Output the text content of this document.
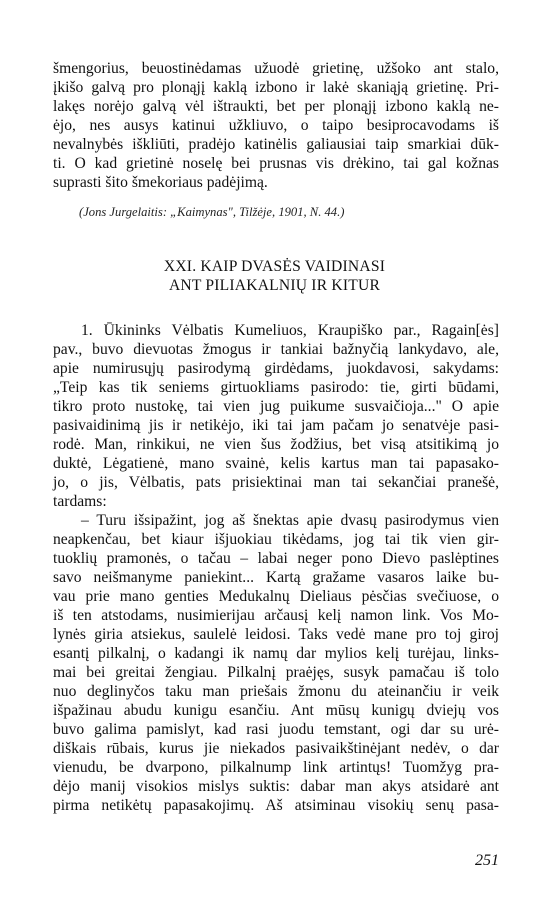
šmengorius, beuostinėdamas užuodė grietinę, užšoko ant stalo,
įkišo galvą pro plonąjį kaklą izbono ir lakė skaniąją grietinę. Pri-
lakęs norėjo galvą vėl ištraukti, bet per plonąjį izbono kaklą ne-
ėjo, nes ausys katinui užkliuvo, o taipo besiprocavodams iš
nevalnybės iškliūti, pradėjo katinėlis galiausiai taip smarkiai dūk-
ti. O kad grietinė noselę bei prusnas vis drėkino, tai gal kožnas
suprasti šito šmekoriaus padėjimą.
(Jons Jurgelaitis: „Kaimynas", Tilžėje, 1901, N. 44.)
XXI. KAIP DVASĖS VAIDINASI
ANT PILIAKALNIŲ IR KITUR
1. Ūkininks Vėlbatis Kumeliuos, Kraupiško par., Ragain[ės]
pav., buvo dievuotas žmogus ir tankiai bažnyčią lankydavo, ale,
apie numirusųjų pasirodymą girdėdams, juokdavosi, sakydams:
„Teip kas tik seniems girtuokliams pasirodo: tie, girti būdami,
tikro proto nustokę, tai vien jug puikume susvaičioja..." O apie
pasivaidinimą jis ir netikėjo, iki tai jam pačam jo senatvėje pasi-
rodė. Man, rinkikui, ne vien šus žodžius, bet visą atsitikimą jo
duktė, Lėgatienė, mano svainė, kelis kartus man tai papasako-
jo, o jis, Vėlbatis, pats prisiektinai man tai sekančiai pranešė,
tardams:
– Turu išsipažint, jog aš šnektas apie dvasų pasirodymus vien
neapkenčau, bet kiaur išjuokiau tikėdams, jog tai tik vien gir-
tuoklių pramonės, o tačau – labai neger pono Dievo paslėptines
savo neišmanyme paniekint... Kartą gražame vasaros laike bu-
vau prie mano genties Medukalnų Dieliaus pėsčias svečiuose, o
iš ten atstodams, nusimierijau arčausį kelį namon link. Vos Mo-
lynės giria atsiekus, saulelė leidosi. Taks vedė mane pro toj giroj
esantį pilkalnį, o kadangi ik namų dar mylios kelį turėjau, links-
mai bei greitai žengiau. Pilkalnį praėjęs, susyk pamačau iš tolo
nuo deglinyčos taku man priešais žmonu du ateinančiu ir veik
išpažinau abudu kunigu esančiu. Ant mūsų kunigų dviejų vos
buvo galima pamislyt, kad rasi juodu temstant, ogi dar su urė-
diškais rūbais, kurus jie niekados pasivaikštinėjant nedėv, o dar
vienudu, be dvarpono, pilkalnump link artintųs! Tuomžyg pra-
dėjo manij visokios mislys suktis: dabar man akys atsidarė ant
pirma netikėtų papasakojimų. Aš atsiminau visokių senų pasa-
251
